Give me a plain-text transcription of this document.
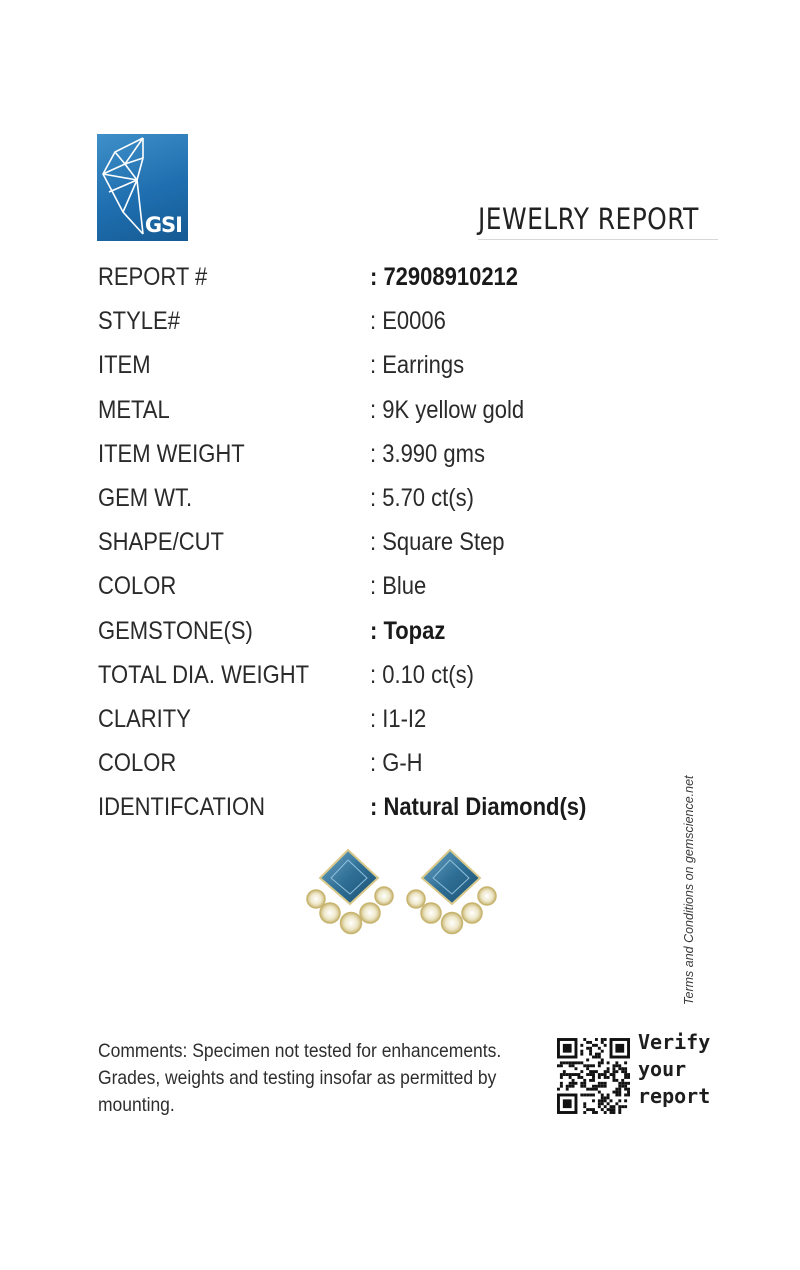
GSI	JEWELRY REPORT
REPORT #	: 72908910212
STYLE#	: E0006
ITEM	: Earrings
METAL	: 9K yellow gold
ITEM WEIGHT	: 3.990 gms
GEM WT.	: 5.70 ct(s)
SHAPE/CUT	: Square Step
COLOR	: Blue
GEMSTONE(S)	: Topaz
TOTAL DIA. WEIGHT : 0.10 ct(s)
CLARITY	: I1-I2
COLOR	: G-H
IDENTIFCATION	: Natural Diamond(s)	Terms and Conditions on gemscience.net
Comments: Specimen not tested for enhancements.
Grades, weights and testing insofar as permitted by
mounting.
Verify
your
report
